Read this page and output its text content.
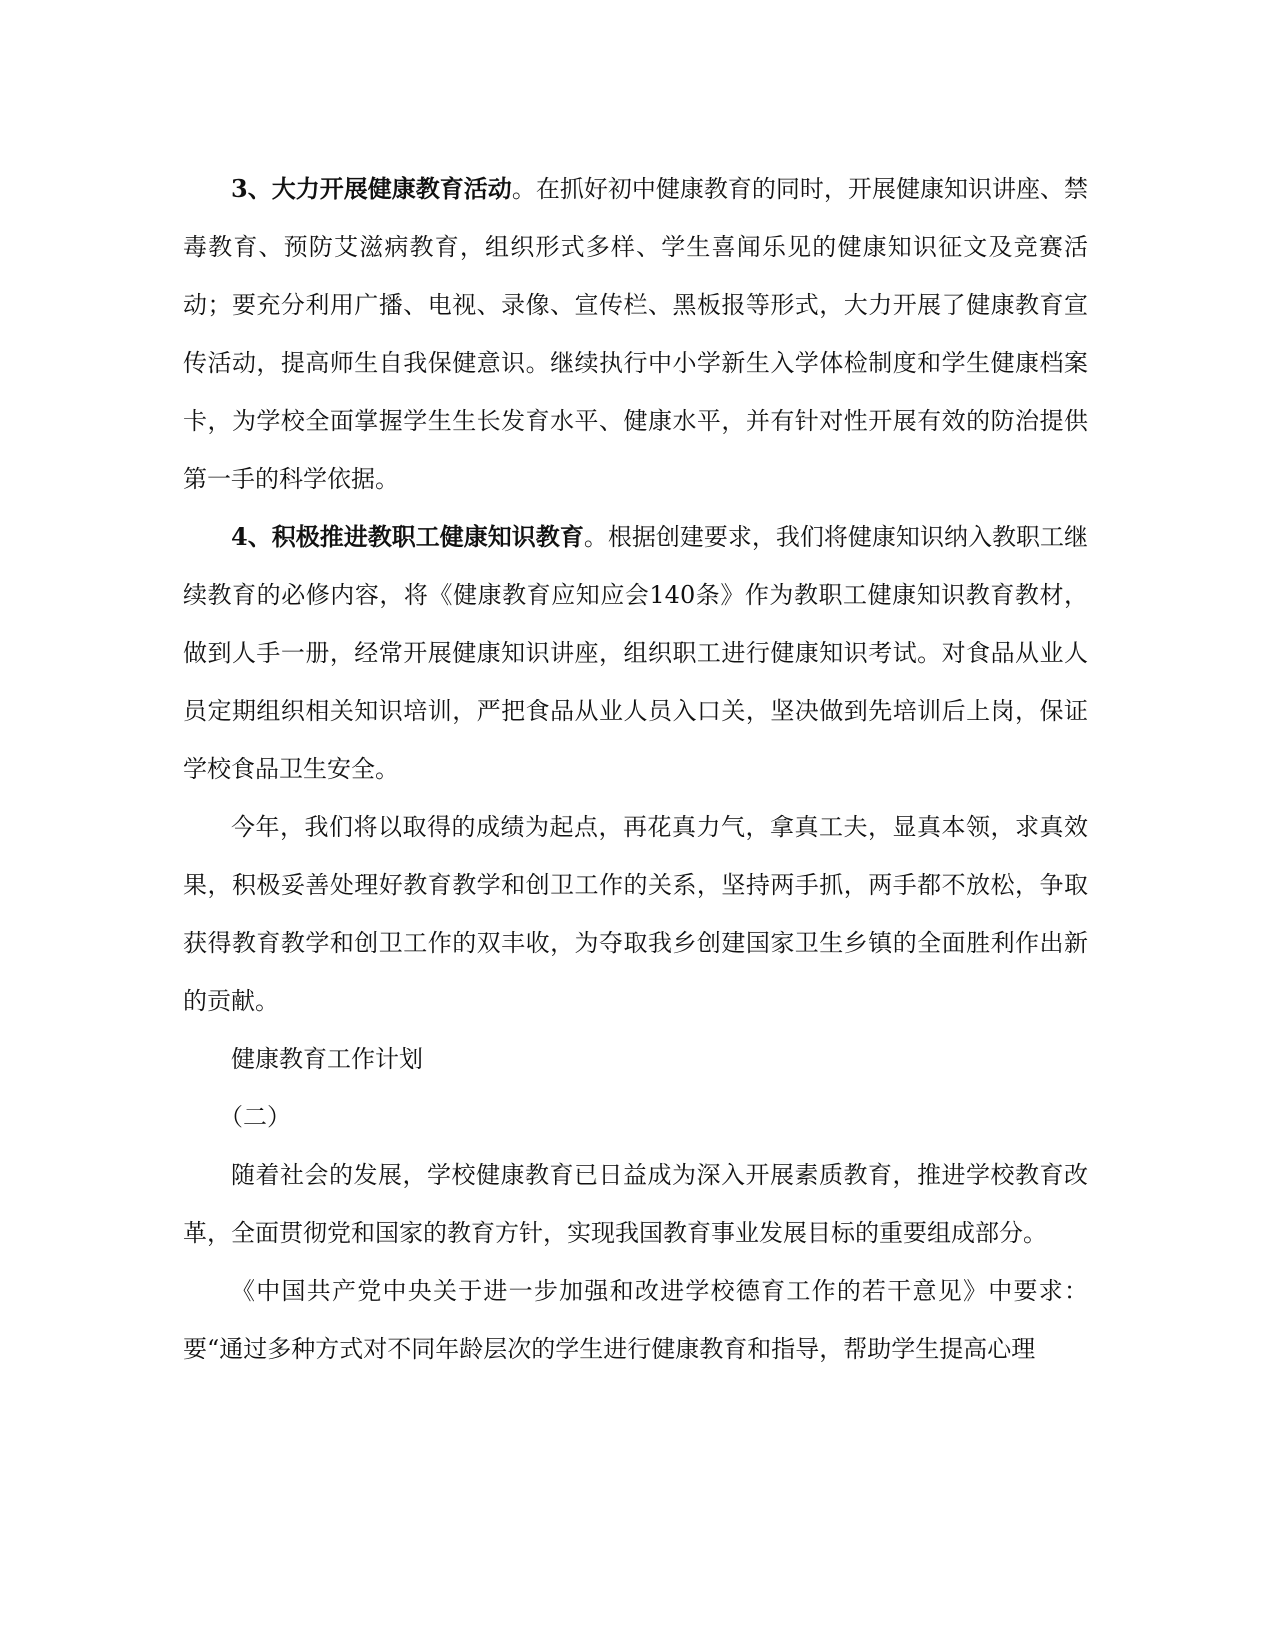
3、大力开展健康教育活动。在抓好初中健康教育的同时，开展健康知识讲座、禁毒教育、预防艾滋病教育，组织形式多样、学生喜闻乐见的健康知识征文及竞赛活动；要充分利用广播、电视、录像、宣传栏、黑板报等形式，大力开展了健康教育宣传活动，提高师生自我保健意识。继续执行中小学新生入学体检制度和学生健康档案卡，为学校全面掌握学生生长发育水平、健康水平，并有针对性开展有效的防治提供第一手的科学依据。

4、积极推进教职工健康知识教育。根据创建要求，我们将健康知识纳入教职工继续教育的必修内容，将《健康教育应知应会140条》作为教职工健康知识教育教材，做到人手一册，经常开展健康知识讲座，组织职工进行健康知识考试。对食品从业人员定期组织相关知识培训，严把食品从业人员入口关，坚决做到先培训后上岗，保证学校食品卫生安全。

今年，我们将以取得的成绩为起点，再花真力气，拿真工夫，显真本领，求真效果，积极妥善处理好教育教学和创卫工作的关系，坚持两手抓，两手都不放松，争取获得教育教学和创卫工作的双丰收，为夺取我乡创建国家卫生乡镇的全面胜利作出新的贡献。

健康教育工作计划

（二）

随着社会的发展，学校健康教育已日益成为深入开展素质教育，推进学校教育改革，全面贯彻党和国家的教育方针，实现我国教育事业发展目标的重要组成部分。

《中国共产党中央关于进一步加强和改进学校德育工作的若干意见》中要求：要“通过多种方式对不同年龄层次的学生进行健康教育和指导，帮助学生提高心理
